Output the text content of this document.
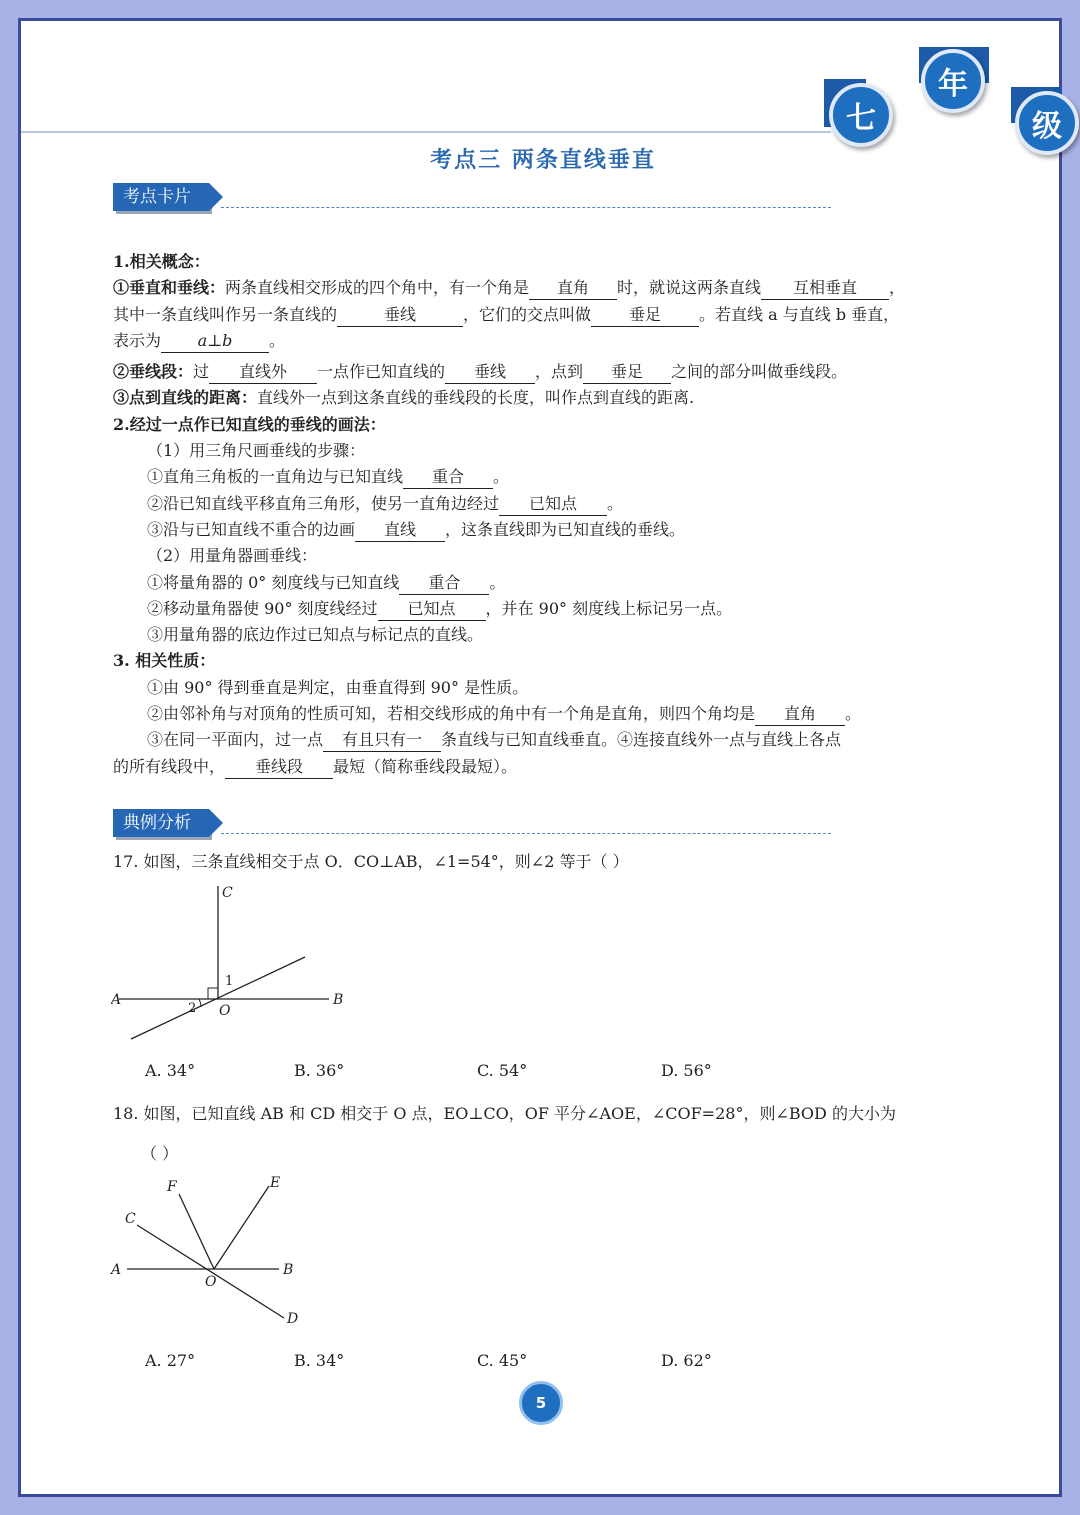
七
年
级
考点三 两条直线垂直
考点卡片
1.相关概念：
①垂直和垂线：两条直线相交形成的四个角中，有一个角是 直角 时，就说这两条直线 互相垂直 ，
其中一条直线叫作另一条直线的	垂线	，它们的交点叫做 垂足 。若直线 a 与直线 b 垂直，
表示为 a⊥b 。
②垂线段：过 直线外 一点作已知直线的 垂线 ，点到 垂足 之间的部分叫做垂线段。
③点到直线的距离：直线外一点到这条直线的垂线段的长度，叫作点到直线的距离.
2.经过一点作已知直线的垂线的画法：
（1）用三角尺画垂线的步骤：
①直角三角板的一直角边与已知直线 重合 。
②沿已知直线平移直角三角形，使另一直角边经过 已知点 。
③沿与已知直线不重合的边画 直线 ，这条直线即为已知直线的垂线。
（2）用量角器画垂线：
①将量角器的 0° 刻度线与已知直线 重合 。
②移动量角器使 90° 刻度线经过 已知点 ，并在 90° 刻度线上标记另一点。
③用量角器的底边作过已知点与标记点的直线。
3. 相关性质：
①由 90° 得到垂直是判定，由垂直得到 90° 是性质。
②由邻补角与对顶角的性质可知，若相交线形成的角中有一个角是直角，则四个角均是 直角 。
③在同一平面内，过一点 有且只有一 条直线与已知直线垂直。④连接直线外一点与直线上各点
的所有线段中， 垂线段 最短（简称垂线段最短）。
典例分析
17. 如图，三条直线相交于点 O．CO⊥AB，∠1=54°，则∠2 等于（ ）
C
A	B
O
1
2
A. 34°	B. 36°	C. 54°	D. 56°
18. 如图，已知直线 AB 和 CD 相交于 O 点，EO⊥CO，OF 平分∠AOE，∠COF=28°，则∠BOD 的大小为
（ ）
F	E
C
A	B
O
D
A. 27°	B. 34°	C. 45°	D. 62°
5
